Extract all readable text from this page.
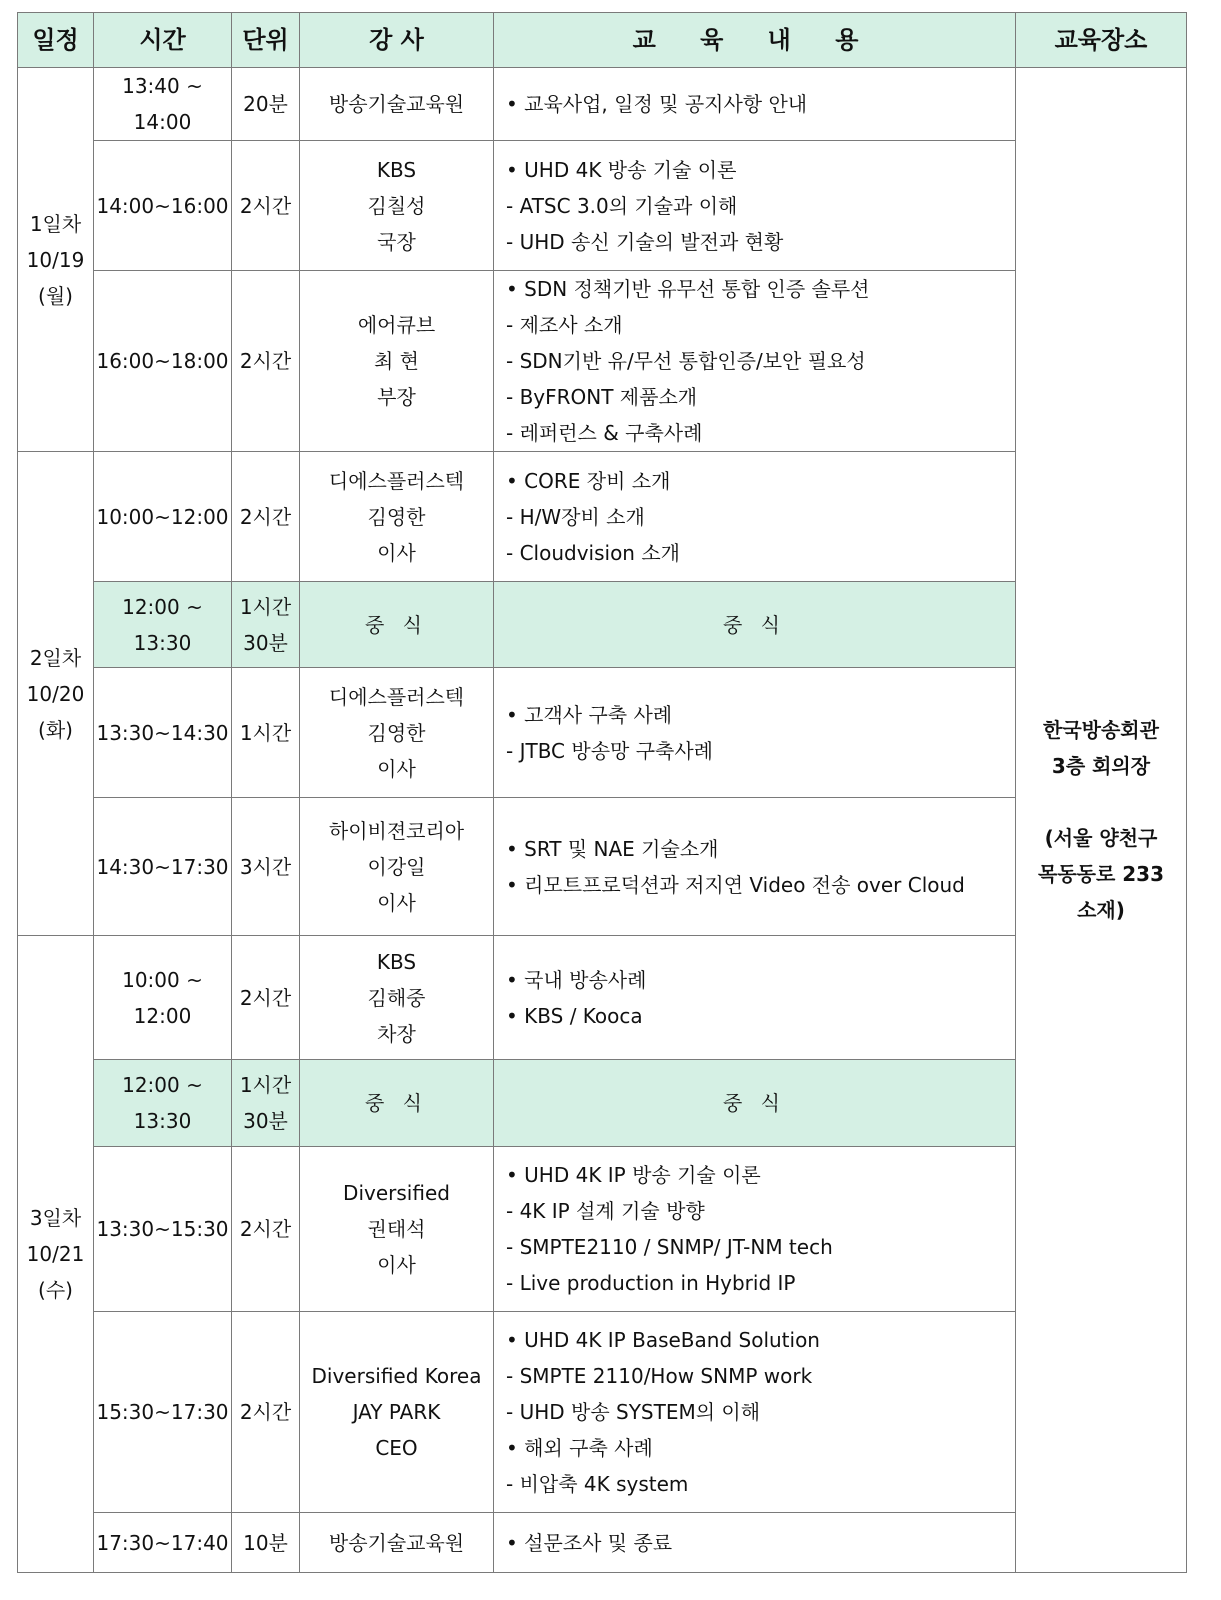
일정	시간	단위	강 사	교 육 내 용	교육장소

1일차
10/19
(월)	13:40 ~ 14:00	20분	방송기술교육원	• 교육사업, 일정 및 공지사항 안내	한국방송회관
3층 회의장
(서울 양천구
목동동로 233
소재)

	14:00~16:00	2시간	KBS
김칠성
국장	• UHD 4K 방송 기술 이론
- ATSC 3.0의 기술과 이해
- UHD 송신 기술의 발전과 현황	

	16:00~18:00	2시간	에어큐브
최 현
부장	• SDN 정책기반 유무선 통합 인증 솔루션
- 제조사 소개
- SDN기반 유/무선 통합인증/보안 필요성
- ByFRONT 제품소개
- 레퍼런스 & 구축사례	

2일차
10/20
(화)	10:00~12:00	2시간	디에스플러스텍
김영한
이사	• CORE 장비 소개
- H/W장비 소개
- Cloudvision 소개	

	12:00 ~ 13:30	1시간
30분	중 식	중 식	

	13:30~14:30	1시간	디에스플러스텍
김영한
이사	• 고객사 구축 사례
- JTBC 방송망 구축사례	

	14:30~17:30	3시간	하이비젼코리아
이강일
이사	• SRT 및 NAE 기술소개
• 리모트프로덕션과 저지연 Video 전송 over Cloud	

3일차
10/21
(수)	10:00 ~ 12:00	2시간	KBS
김해중
차장	• 국내 방송사례
• KBS / Kooca	

	12:00 ~ 13:30	1시간
30분	중 식	중 식	

	13:30~15:30	2시간	Diversified
권태석
이사	• UHD 4K IP 방송 기술 이론
- 4K IP 설계 기술 방향
- SMPTE2110 / SNMP/ JT-NM tech
- Live production in Hybrid IP	

	15:30~17:30	2시간	Diversified Korea
JAY PARK
CEO	• UHD 4K IP BaseBand Solution
- SMPTE 2110/How SNMP work
- UHD 방송 SYSTEM의 이해
• 해외 구축 사례
- 비압축 4K system	

	17:30~17:40	10분	방송기술교육원	• 설문조사 및 종료	
